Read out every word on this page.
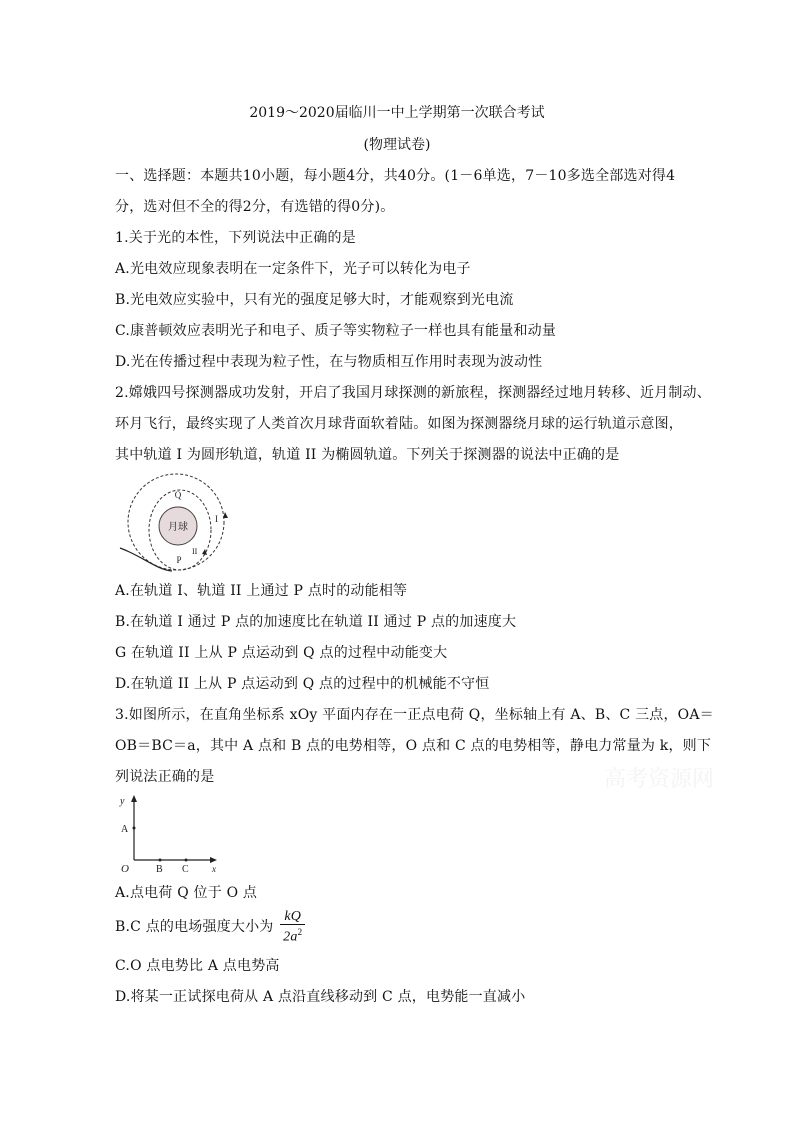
2019～2020届临川一中上学期第一次联合考试
(物理试卷)
一、选择题：本题共10小题，每小题4分，共40分。(1－6单选，7－10多选全部选对得4
分，选对但不全的得2分，有选错的得0分)。
1.关于光的本性，下列说法中正确的是
A.光电效应现象表明在一定条件下，光子可以转化为电子
B.光电效应实验中，只有光的强度足够大时，才能观察到光电流
C.康普顿效应表明光子和电子、质子等实物粒子一样也具有能量和动量
D.光在传播过程中表现为粒子性，在与物质相互作用时表现为波动性
2.嫦娥四号探测器成功发射，开启了我国月球探测的新旅程，探测器经过地月转移、近月制动、
环月飞行，最终实现了人类首次月球背面软着陆。如图为探测器绕月球的运行轨道示意图，
其中轨道 I 为圆形轨道，轨道 II 为椭圆轨道。下列关于探测器的说法中正确的是
月球
Q
P
I
II
A.在轨道 I、轨道 II 上通过 P 点时的动能相等
B.在轨道 I 通过 P 点的加速度比在轨道 II 通过 P 点的加速度大
G 在轨道 II 上从 P 点运动到 Q 点的过程中动能变大
D.在轨道 II 上从 P 点运动到 Q 点的过程中的机械能不守恒
3.如图所示，在直角坐标系 xOy 平面内存在一正点电荷 Q，坐标轴上有 A、B、C 三点，OA＝
OB＝BC＝a，其中 A 点和 B 点的电势相等，O 点和 C 点的电势相等，静电力常量为 k，则下
列说法正确的是
y
x
O
A
B C
A.点电荷 Q 位于 O 点
B.C 点的电场强度大小为 $\frac{kQ}{2a^2}$
C.O 点电势比 A 点电势高
D.将某一正试探电荷从 A 点沿直线移动到 C 点，电势能一直减小
高考资源网
